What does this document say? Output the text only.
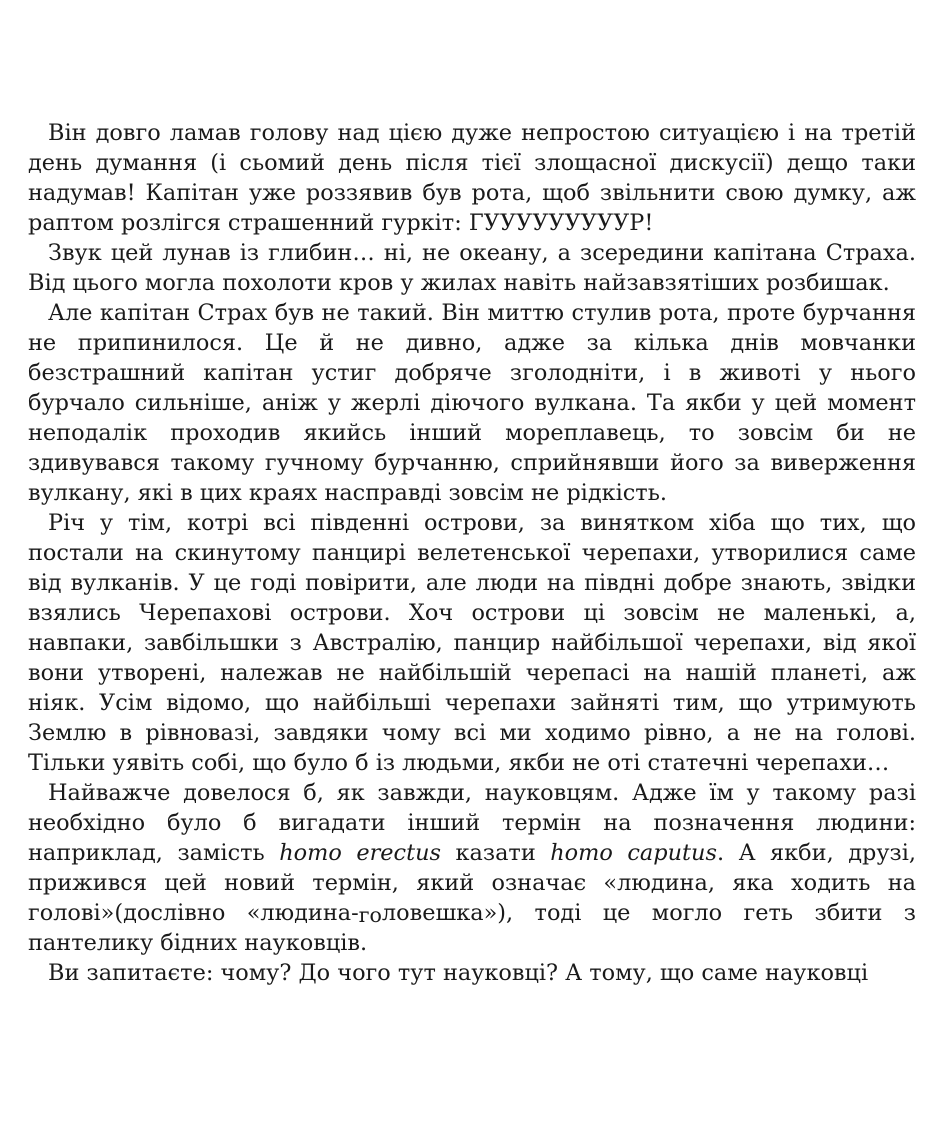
Він довго ламав голову над цією дуже непростою ситуацією і на третій день думання (і сьомий день після тієї злощасної дискусії) дещо таки надумав! Капітан уже роззявив був рота, щоб звільнити свою думку, аж раптом розлігся страшенний гуркіт: ГУУУУУУУУУР!

Звук цей лунав із глибин… ні, не океану, а зсередини капітана Страха. Від цього могла похолоти кров у жилах навіть найзавзятіших розбишак.

Але капітан Страх був не такий. Він миттю стулив рота, проте бурчання не припинилося. Це й не дивно, адже за кілька днів мовчанки безстрашний капітан устиг добряче зголодніти, і в животі у нього бурчало сильніше, аніж у жерлі діючого вулкана. Та якби у цей момент неподалік проходив якийсь інший мореплавець, то зовсім би не здивувався такому гучному бурчанню, сприйнявши його за виверження вулкану, які в цих краях насправді зовсім не рідкість.

Річ у тім, котрі всі південні острови, за винятком хіба що тих, що постали на скинутому панцирі велетенської черепахи, утворилися саме від вулканів. У це годі повірити, але люди на півдні добре знають, звідки взялись Черепахові острови. Хоч острови ці зовсім не маленькі, а, навпаки, завбільшки з Австралію, панцир найбільшої черепахи, від якої вони утворені, належав не найбільшій черепасі на нашій планеті, аж ніяк. Усім відомо, що найбільші черепахи зайняті тим, що утримують Землю в рівновазі, завдяки чому всі ми ходимо рівно, а не на голові. Тільки уявіть собі, що було б із людьми, якби не оті статечні черепахи…

Найважче довелося б, як завжди, науковцям. Адже їм у такому разі необхідно було б вигадати інший термін на позначення людини: наприклад, замість homo erectus казати homo caputus. А якби, друзі, прижився цей новий термін, який означає «людина, яка ходить на голові»(дослівно «людина-головешка»), тоді це могло геть збити з пантелику бідних науковців.

Ви запитаєте: чому? До чого тут науковці? А тому, що саме науковці
